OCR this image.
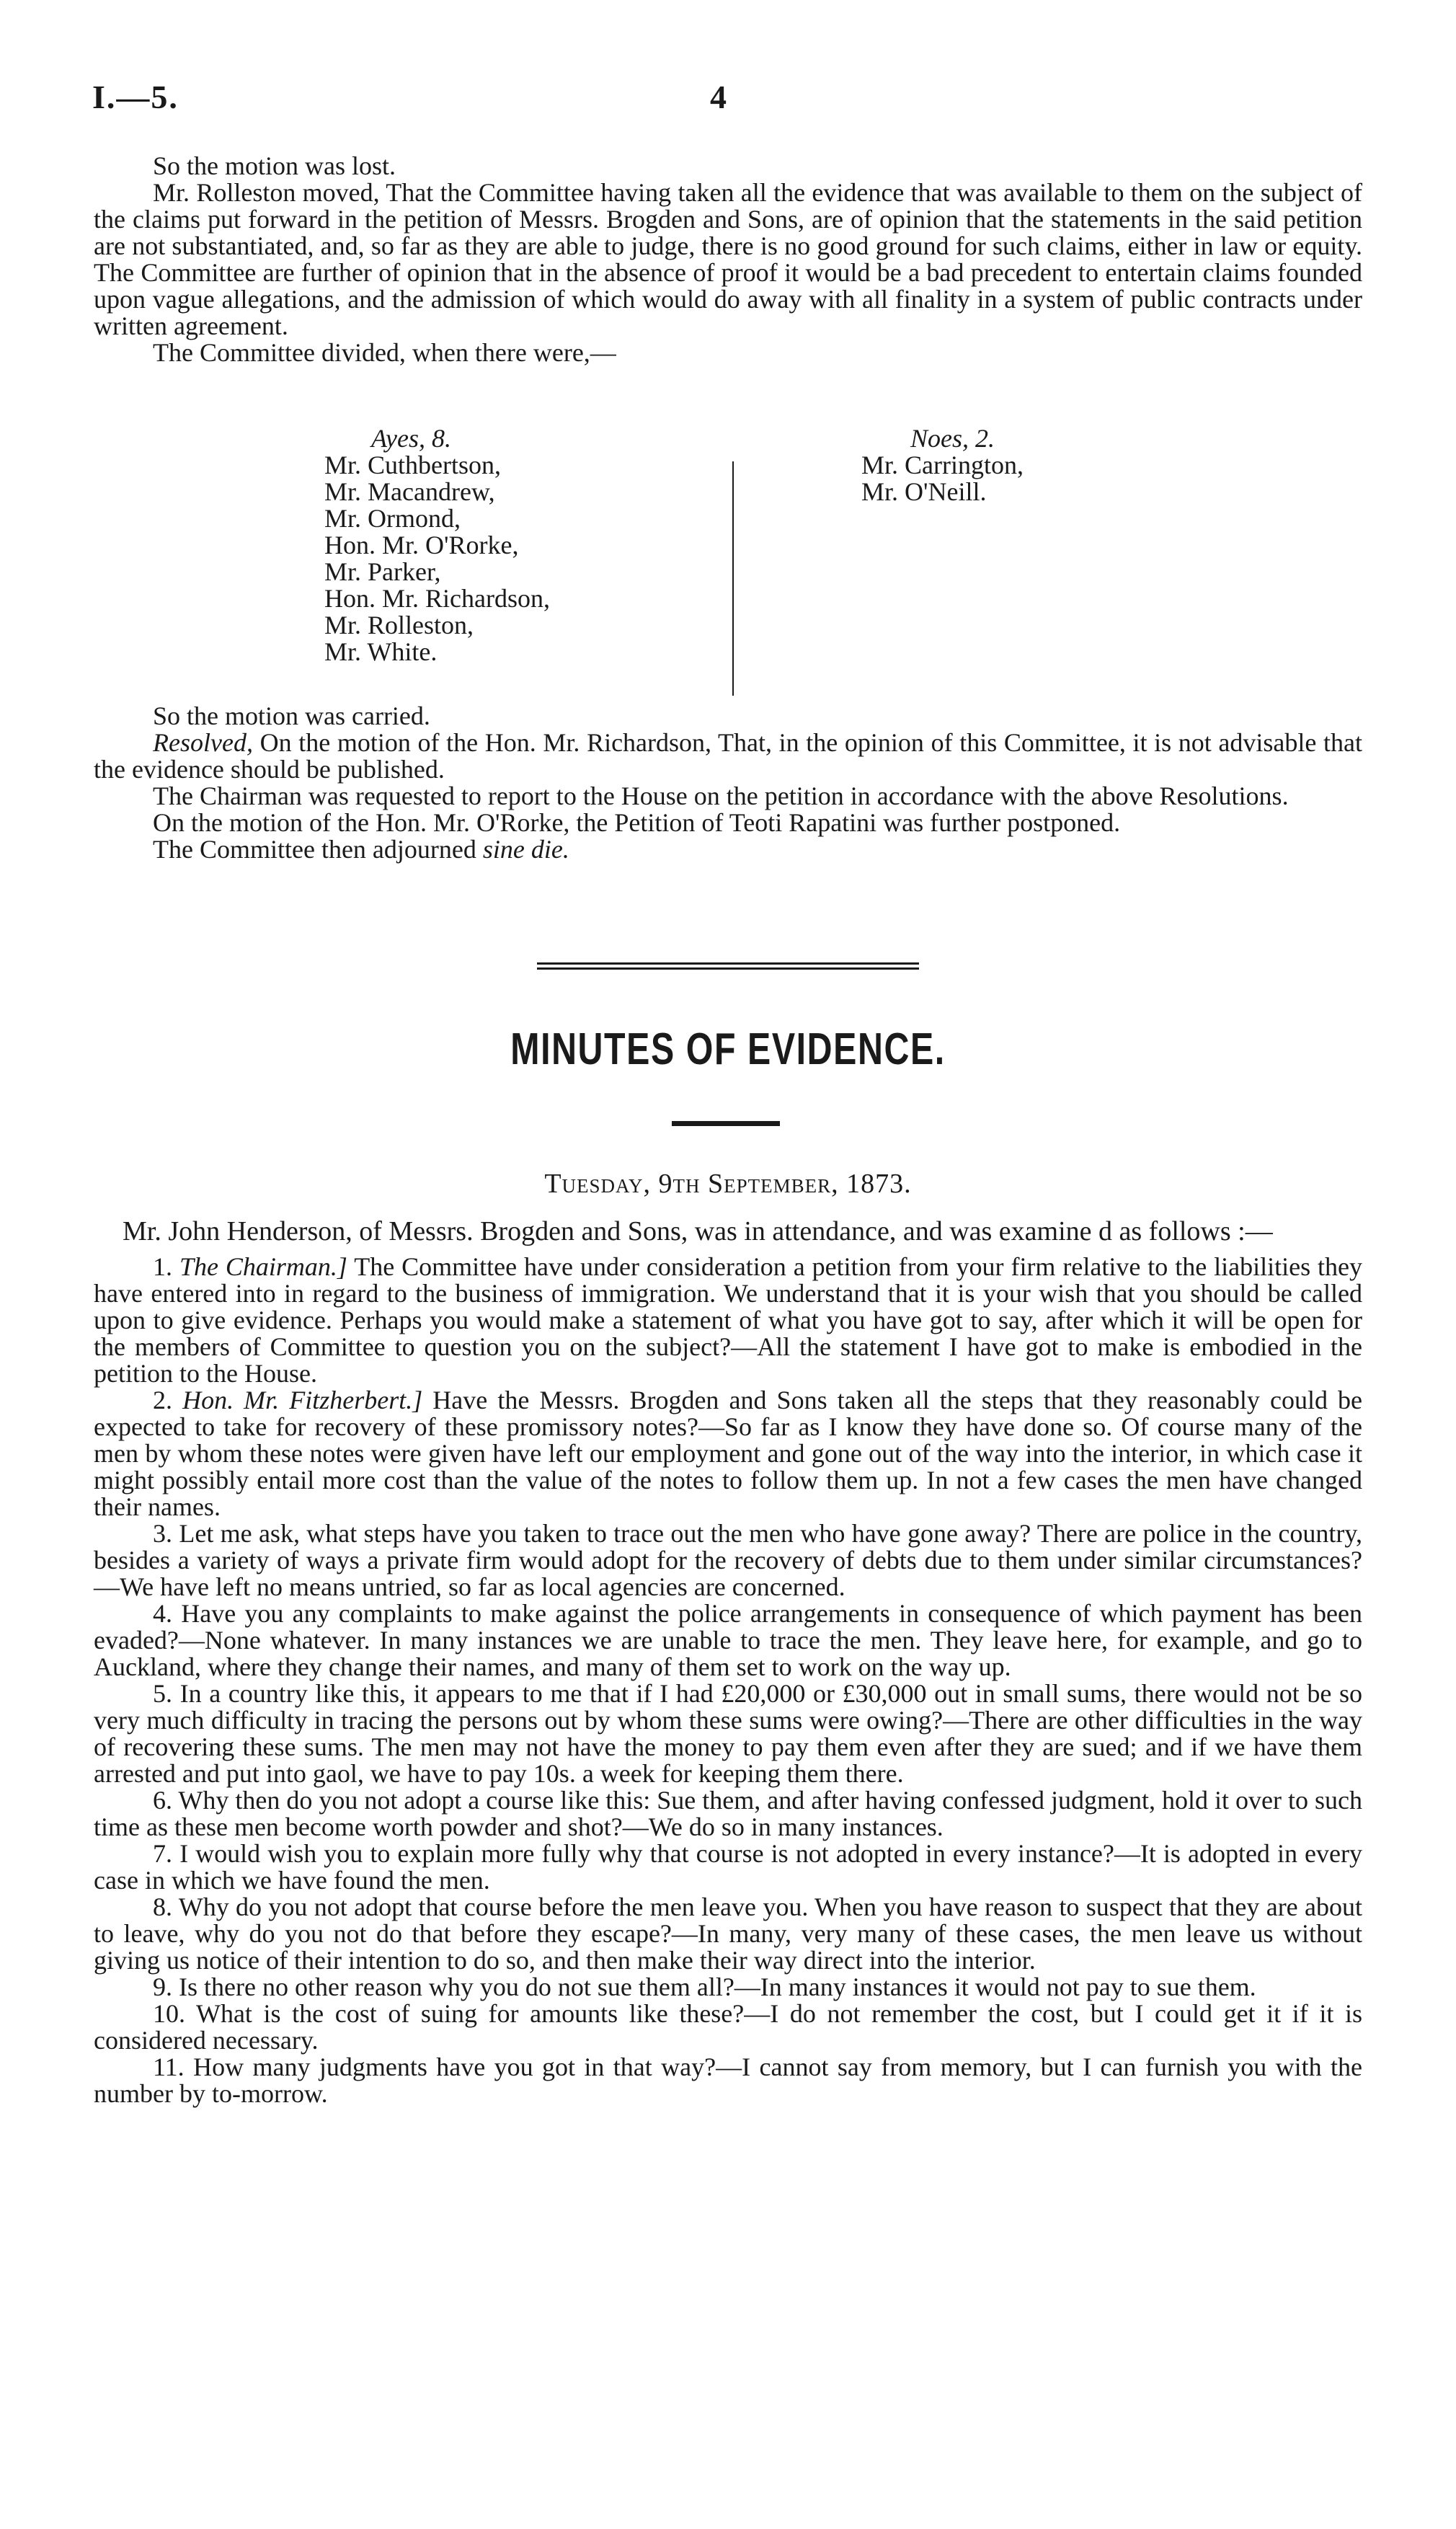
I.—5.	4

So the motion was lost.

Mr. Rolleston moved, That the Committee having taken all the evidence that was available to them on the subject of the claims put forward in the petition of Messrs. Brogden and Sons, are of opinion that the statements in the said petition are not substantiated, and, so far as they are able to judge, there is no good ground for such claims, either in law or equity. The Committee are further of opinion that in the absence of proof it would be a bad precedent to entertain claims founded upon vague allegations, and the admission of which would do away with all finality in a system of public contracts under written agreement.

The Committee divided, when there were,—

Ayes, 8.
Mr. Cuthbertson,
Mr. Macandrew,
Mr. Ormond,
Hon. Mr. O'Rorke,
Mr. Parker,
Hon. Mr. Richardson,
Mr. Rolleston,
Mr. White.
Noes, 2.
Mr. Carrington,
Mr. O'Neill.

So the motion was carried.

Resolved, On the motion of the Hon. Mr. Richardson, That, in the opinion of this Committee, it is not advisable that the evidence should be published.

The Chairman was requested to report to the House on the petition in accordance with the above Resolutions.

On the motion of the Hon. Mr. O'Rorke, the Petition of Teoti Rapatini was further postponed.

The Committee then adjourned sine die.

MINUTES OF EVIDENCE.
Tuesday, 9th September, 1873.

Mr. John Henderson, of Messrs. Brogden and Sons, was in attendance, and was examine d as follows :—

1. The Chairman.] The Committee have under consideration a petition from your firm relative to the liabilities they have entered into in regard to the business of immigration. We understand that it is your wish that you should be called upon to give evidence. Perhaps you would make a statement of what you have got to say, after which it will be open for the members of Committee to question you on the subject?—All the statement I have got to make is embodied in the petition to the House.

2. Hon. Mr. Fitzherbert.] Have the Messrs. Brogden and Sons taken all the steps that they reasonably could be expected to take for recovery of these promissory notes?—So far as I know they have done so. Of course many of the men by whom these notes were given have left our employment and gone out of the way into the interior, in which case it might possibly entail more cost than the value of the notes to follow them up. In not a few cases the men have changed their names.

3. Let me ask, what steps have you taken to trace out the men who have gone away? There are police in the country, besides a variety of ways a private firm would adopt for the recovery of debts due to them under similar circumstances?—We have left no means untried, so far as local agencies are concerned.

4. Have you any complaints to make against the police arrangements in consequence of which payment has been evaded?—None whatever. In many instances we are unable to trace the men. They leave here, for example, and go to Auckland, where they change their names, and many of them set to work on the way up.

5. In a country like this, it appears to me that if I had £20,000 or £30,000 out in small sums, there would not be so very much difficulty in tracing the persons out by whom these sums were owing?—There are other difficulties in the way of recovering these sums. The men may not have the money to pay them even after they are sued; and if we have them arrested and put into gaol, we have to pay 10s. a week for keeping them there.

6. Why then do you not adopt a course like this: Sue them, and after having confessed judgment, hold it over to such time as these men become worth powder and shot?—We do so in many instances.

7. I would wish you to explain more fully why that course is not adopted in every instance?—It is adopted in every case in which we have found the men.

8. Why do you not adopt that course before the men leave you. When you have reason to suspect that they are about to leave, why do you not do that before they escape?—In many, very many of these cases, the men leave us without giving us notice of their intention to do so, and then make their way direct into the interior.

9. Is there no other reason why you do not sue them all?—In many instances it would not pay to sue them.

10. What is the cost of suing for amounts like these?—I do not remember the cost, but I could get it if it is considered necessary.

11. How many judgments have you got in that way?—I cannot say from memory, but I can furnish you with the number by to-morrow.
